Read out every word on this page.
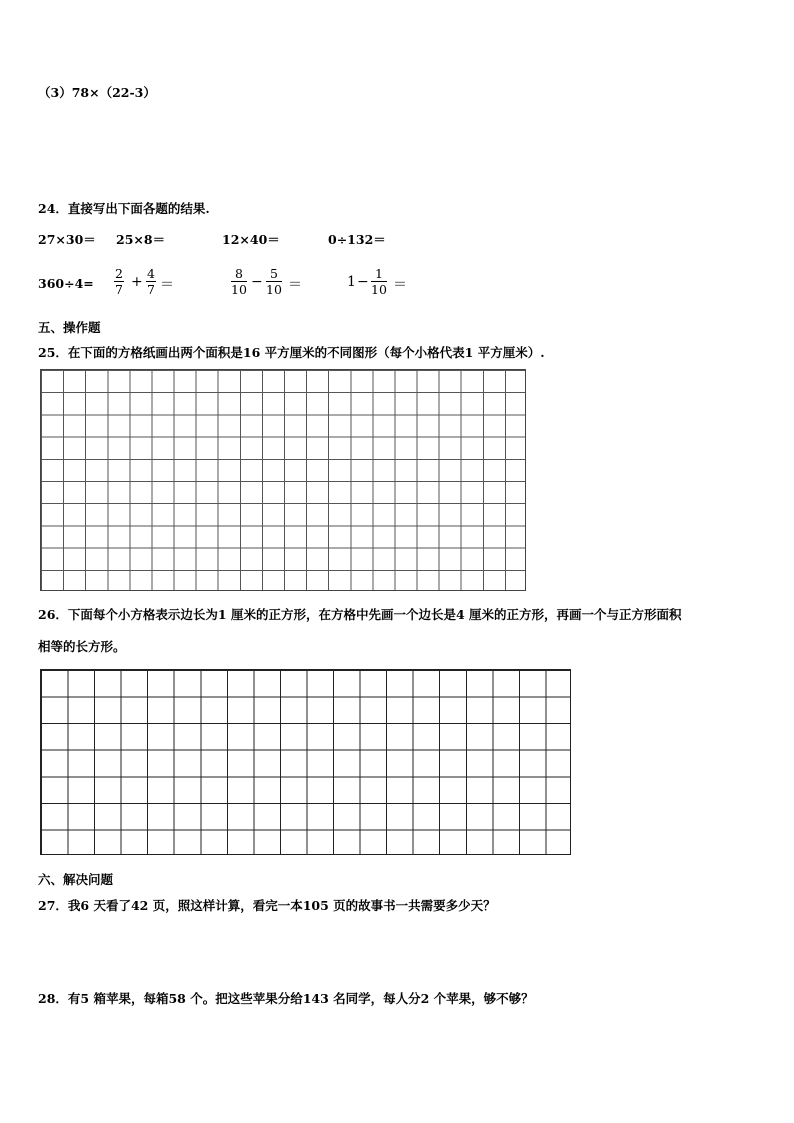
（3）78×（22-3）
24．直接写出下面各题的结果.
27×30＝ 25×8＝	12×40＝	0÷132＝
$360\div 4= \frac{2}{7} + \frac{4}{7}$ ＝	$\frac{8}{10} - \frac{5}{10}$ ＝	$1 - \frac{1}{10}$ ＝
五、操作题
25．在下面的方格纸画出两个面积是16 平方厘米的不同图形（每个小格代表1 平方厘米）.
26．下面每个小方格表示边长为1 厘米的正方形，在方格中先画一个边长是4 厘米的正方形，再画一个与正方形面积
相等的长方形。
六、解决问题
27．我6 天看了42 页，照这样计算，看完一本105 页的故事书一共需要多少天？
28．有5 箱苹果，每箱58 个。把这些苹果分给143 名同学，每人分2 个苹果，够不够？
